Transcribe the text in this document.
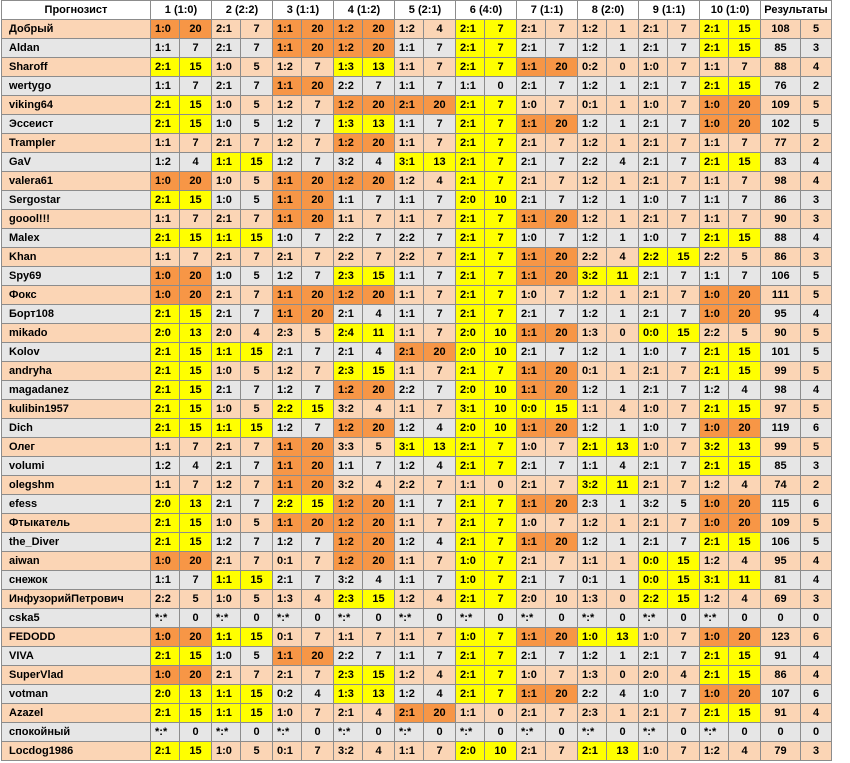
Прогнозист	1 (1:0)		2 (2:2)		3 (1:1)		4 (1:2)		5 (2:1)		6 (4:0)		7 (1:1)		8 (2:0)		9 (1:1)		10 (1:0)		Результаты	
Добрый	1:0	20	2:1	7	1:1	20	1:2	20	1:2	4	2:1	7	2:1	7	1:2	1	2:1	7	2:1	15	108	5
Aldan	1:1	7	2:1	7	1:1	20	1:2	20	1:1	7	2:1	7	2:1	7	1:2	1	2:1	7	2:1	15	85	3
Sharoff	2:1	15	1:0	5	1:2	7	1:3	13	1:1	7	2:1	7	1:1	20	0:2	0	1:0	7	1:1	7	88	4
wertygo	1:1	7	2:1	7	1:1	20	2:2	7	1:1	7	1:1	0	2:1	7	1:2	1	2:1	7	2:1	15	76	2
viking64	2:1	15	1:0	5	1:2	7	1:2	20	2:1	20	2:1	7	1:0	7	0:1	1	1:0	7	1:0	20	109	5
Эссеист	2:1	15	1:0	5	1:2	7	1:3	13	1:1	7	2:1	7	1:1	20	1:2	1	2:1	7	1:0	20	102	5
Trampler	1:1	7	2:1	7	1:2	7	1:2	20	1:1	7	2:1	7	2:1	7	1:2	1	2:1	7	1:1	7	77	2
GaV	1:2	4	1:1	15	1:2	7	3:2	4	3:1	13	2:1	7	2:1	7	2:2	4	2:1	7	2:1	15	83	4
valera61	1:0	20	1:0	5	1:1	20	1:2	20	1:2	4	2:1	7	2:1	7	1:2	1	2:1	7	1:1	7	98	4
Sergostar	2:1	15	1:0	5	1:1	20	1:1	7	1:1	7	2:0	10	2:1	7	1:2	1	1:0	7	1:1	7	86	3
goool!!!	1:1	7	2:1	7	1:1	20	1:1	7	1:1	7	2:1	7	1:1	20	1:2	1	2:1	7	1:1	7	90	3
Malex	2:1	15	1:1	15	1:0	7	2:2	7	2:2	7	2:1	7	1:0	7	1:2	1	1:0	7	2:1	15	88	4
Khan	1:1	7	2:1	7	2:1	7	2:2	7	2:2	7	2:1	7	1:1	20	2:2	4	2:2	15	2:2	5	86	3
Spy69	1:0	20	1:0	5	1:2	7	2:3	15	1:1	7	2:1	7	1:1	20	3:2	11	2:1	7	1:1	7	106	5
Фокс	1:0	20	2:1	7	1:1	20	1:2	20	1:1	7	2:1	7	1:0	7	1:2	1	2:1	7	1:0	20	111	5
Борт108	2:1	15	2:1	7	1:1	20	2:1	4	1:1	7	2:1	7	2:1	7	1:2	1	2:1	7	1:0	20	95	4
mikado	2:0	13	2:0	4	2:3	5	2:4	11	1:1	7	2:0	10	1:1	20	1:3	0	0:0	15	2:2	5	90	5
Kolov	2:1	15	1:1	15	2:1	7	2:1	4	2:1	20	2:0	10	2:1	7	1:2	1	1:0	7	2:1	15	101	5
andryha	2:1	15	1:0	5	1:2	7	2:3	15	1:1	7	2:1	7	1:1	20	0:1	1	2:1	7	2:1	15	99	5
magadanez	2:1	15	2:1	7	1:2	7	1:2	20	2:2	7	2:0	10	1:1	20	1:2	1	2:1	7	1:2	4	98	4
kulibin1957	2:1	15	1:0	5	2:2	15	3:2	4	1:1	7	3:1	10	0:0	15	1:1	4	1:0	7	2:1	15	97	5
Dich	2:1	15	1:1	15	1:2	7	1:2	20	1:2	4	2:0	10	1:1	20	1:2	1	1:0	7	1:0	20	119	6
Олег	1:1	7	2:1	7	1:1	20	3:3	5	3:1	13	2:1	7	1:0	7	2:1	13	1:0	7	3:2	13	99	5
volumi	1:2	4	2:1	7	1:1	20	1:1	7	1:2	4	2:1	7	2:1	7	1:1	4	2:1	7	2:1	15	85	3
olegshm	1:1	7	1:2	7	1:1	20	3:2	4	2:2	7	1:1	0	2:1	7	3:2	11	2:1	7	1:2	4	74	2
efess	2:0	13	2:1	7	2:2	15	1:2	20	1:1	7	2:1	7	1:1	20	2:3	1	3:2	5	1:0	20	115	6
Фтыкатель	2:1	15	1:0	5	1:1	20	1:2	20	1:1	7	2:1	7	1:0	7	1:2	1	2:1	7	1:0	20	109	5
the_Diver	2:1	15	1:2	7	1:2	7	1:2	20	1:2	4	2:1	7	1:1	20	1:2	1	2:1	7	2:1	15	106	5
aiwan	1:0	20	2:1	7	0:1	7	1:2	20	1:1	7	1:0	7	2:1	7	1:1	1	0:0	15	1:2	4	95	4
снежок	1:1	7	1:1	15	2:1	7	3:2	4	1:1	7	1:0	7	2:1	7	0:1	1	0:0	15	3:1	11	81	4
ИнфузорийПетрович	2:2	5	1:0	5	1:3	4	2:3	15	1:2	4	2:1	7	2:0	10	1:3	0	2:2	15	1:2	4	69	3
cska5	*:*	0	*:*	0	*:*	0	*:*	0	*:*	0	*:*	0	*:*	0	*:*	0	*:*	0	*:*	0	0	0
FEDODD	1:0	20	1:1	15	0:1	7	1:1	7	1:1	7	1:0	7	1:1	20	1:0	13	1:0	7	1:0	20	123	6
VIVA	2:1	15	1:0	5	1:1	20	2:2	7	1:1	7	2:1	7	2:1	7	1:2	1	2:1	7	2:1	15	91	4
SuperVlad	1:0	20	2:1	7	2:1	7	2:3	15	1:2	4	2:1	7	1:0	7	1:3	0	2:0	4	2:1	15	86	4
votman	2:0	13	1:1	15	0:2	4	1:3	13	1:2	4	2:1	7	1:1	20	2:2	4	1:0	7	1:0	20	107	6
Azazel	2:1	15	1:1	15	1:0	7	2:1	4	2:1	20	1:1	0	2:1	7	2:3	1	2:1	7	2:1	15	91	4
спокойный	*:*	0	*:*	0	*:*	0	*:*	0	*:*	0	*:*	0	*:*	0	*:*	0	*:*	0	*:*	0	0	0
Locdog1986	2:1	15	1:0	5	0:1	7	3:2	4	1:1	7	2:0	10	2:1	7	2:1	13	1:0	7	1:2	4	79	3
